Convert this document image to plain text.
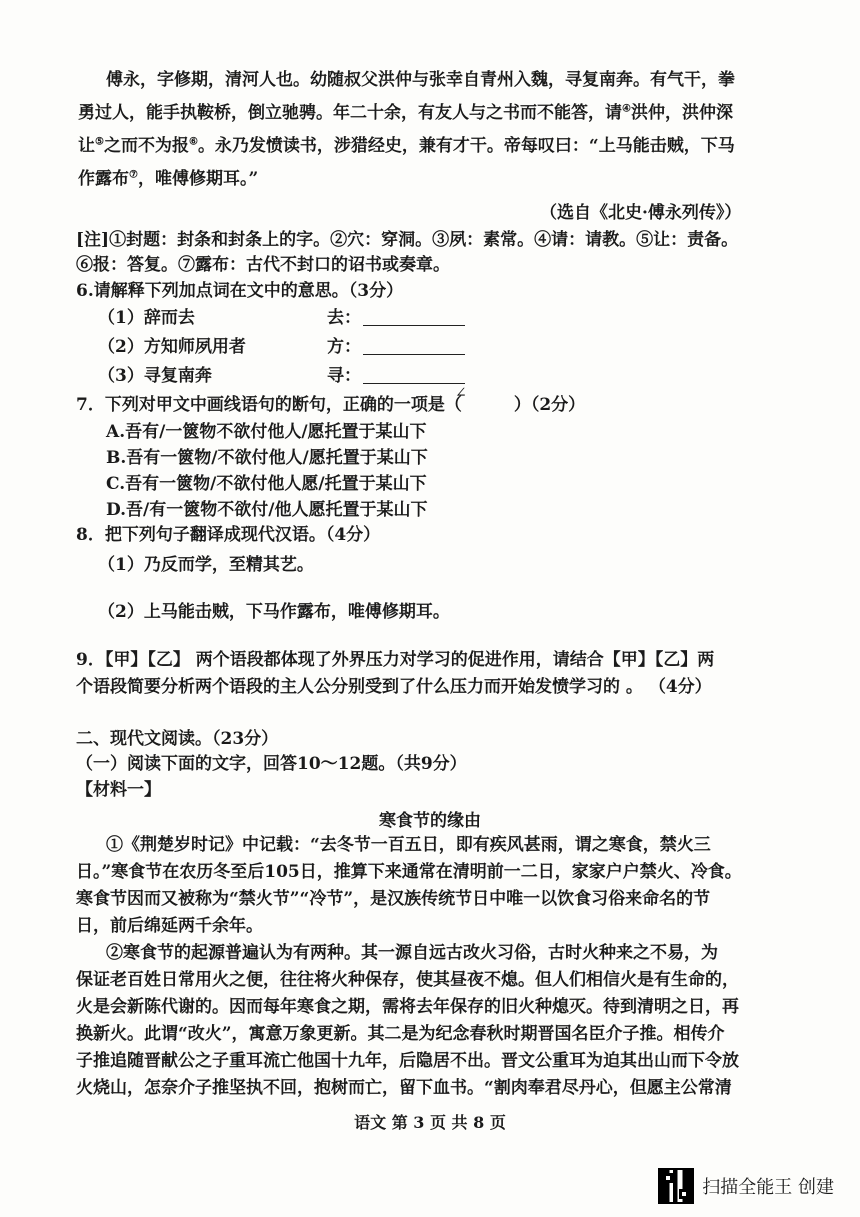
傅永，字修期，清河人也。幼随叔父洪仲与张幸自青州入魏，寻复南奔。有气干，拳
勇过人，能手执鞍桥，倒立驰骋。年二十余，有友人与之书而不能答，请④洪仲，洪仲深
让⑤之而不为报⑥。永乃发愤读书，涉猎经史，兼有才干。帝每叹曰：“上马能击贼，下马
作露布⑦，唯傅修期耳。”
（选自《北史·傅永列传》）
[注]①封题：封条和封条上的字。②穴：穿洞。③夙：素常。④请：请教。⑤让：责备。
⑥报：答复。⑦露布：古代不封口的诏书或奏章。
6.请解释下列加点词在文中的意思。（3分）
（1）辞而去	去：
（2）方知师夙用者	方：
（3）寻复南奔	寻：
7．下列对甲文中画线语句的断句，正确的一项是（	）（2分）
A.吾有/一篋物不欲付他人/愿托置于某山下
B.吾有一篋物/不欲付他人/愿托置于某山下
C.吾有一篋物/不欲付他人愿/托置于某山下
D.吾/有一篋物不欲付/他人愿托置于某山下
8．把下列句子翻译成现代汉语。（4分）
（1）乃反而学，至精其艺。
（2）上马能击贼，下马作露布，唯傅修期耳。
9．【甲】【乙】 两个语段都体现了外界压力对学习的促进作用，请结合【甲】【乙】两
个语段简要分析两个语段的主人公分别受到了什么压力而开始发愤学习的 。 （4分）
二、现代文阅读。（23分）
（一）阅读下面的文字，回答10～12题。（共9分）
【材料一】
寒食节的缘由
①《荆楚岁时记》中记载：“去冬节一百五日，即有疾风甚雨，谓之寒食，禁火三
日。”寒食节在农历冬至后105日，推算下来通常在清明前一二日，家家户户禁火、冷食。
寒食节因而又被称为“禁火节”“冷节”，是汉族传统节日中唯一以饮食习俗来命名的节
日，前后绵延两千余年。
②寒食节的起源普遍认为有两种。其一源自远古改火习俗，古时火种来之不易，为
保证老百姓日常用火之便，往往将火种保存，使其昼夜不熄。但人们相信火是有生命的，
火是会新陈代谢的。因而每年寒食之期，需将去年保存的旧火种熄灭。待到清明之日，再
换新火。此谓“改火”，寓意万象更新。其二是为纪念春秋时期晋国名臣介子推。相传介
子推追随晋献公之子重耳流亡他国十九年，后隐居不出。晋文公重耳为迫其出山而下令放
火烧山，怎奈介子推坚执不回，抱树而亡，留下血书。“割肉奉君尽丹心，但愿主公常清
语文 第 3 页 共 8 页
∠
扫描全能王 创建
